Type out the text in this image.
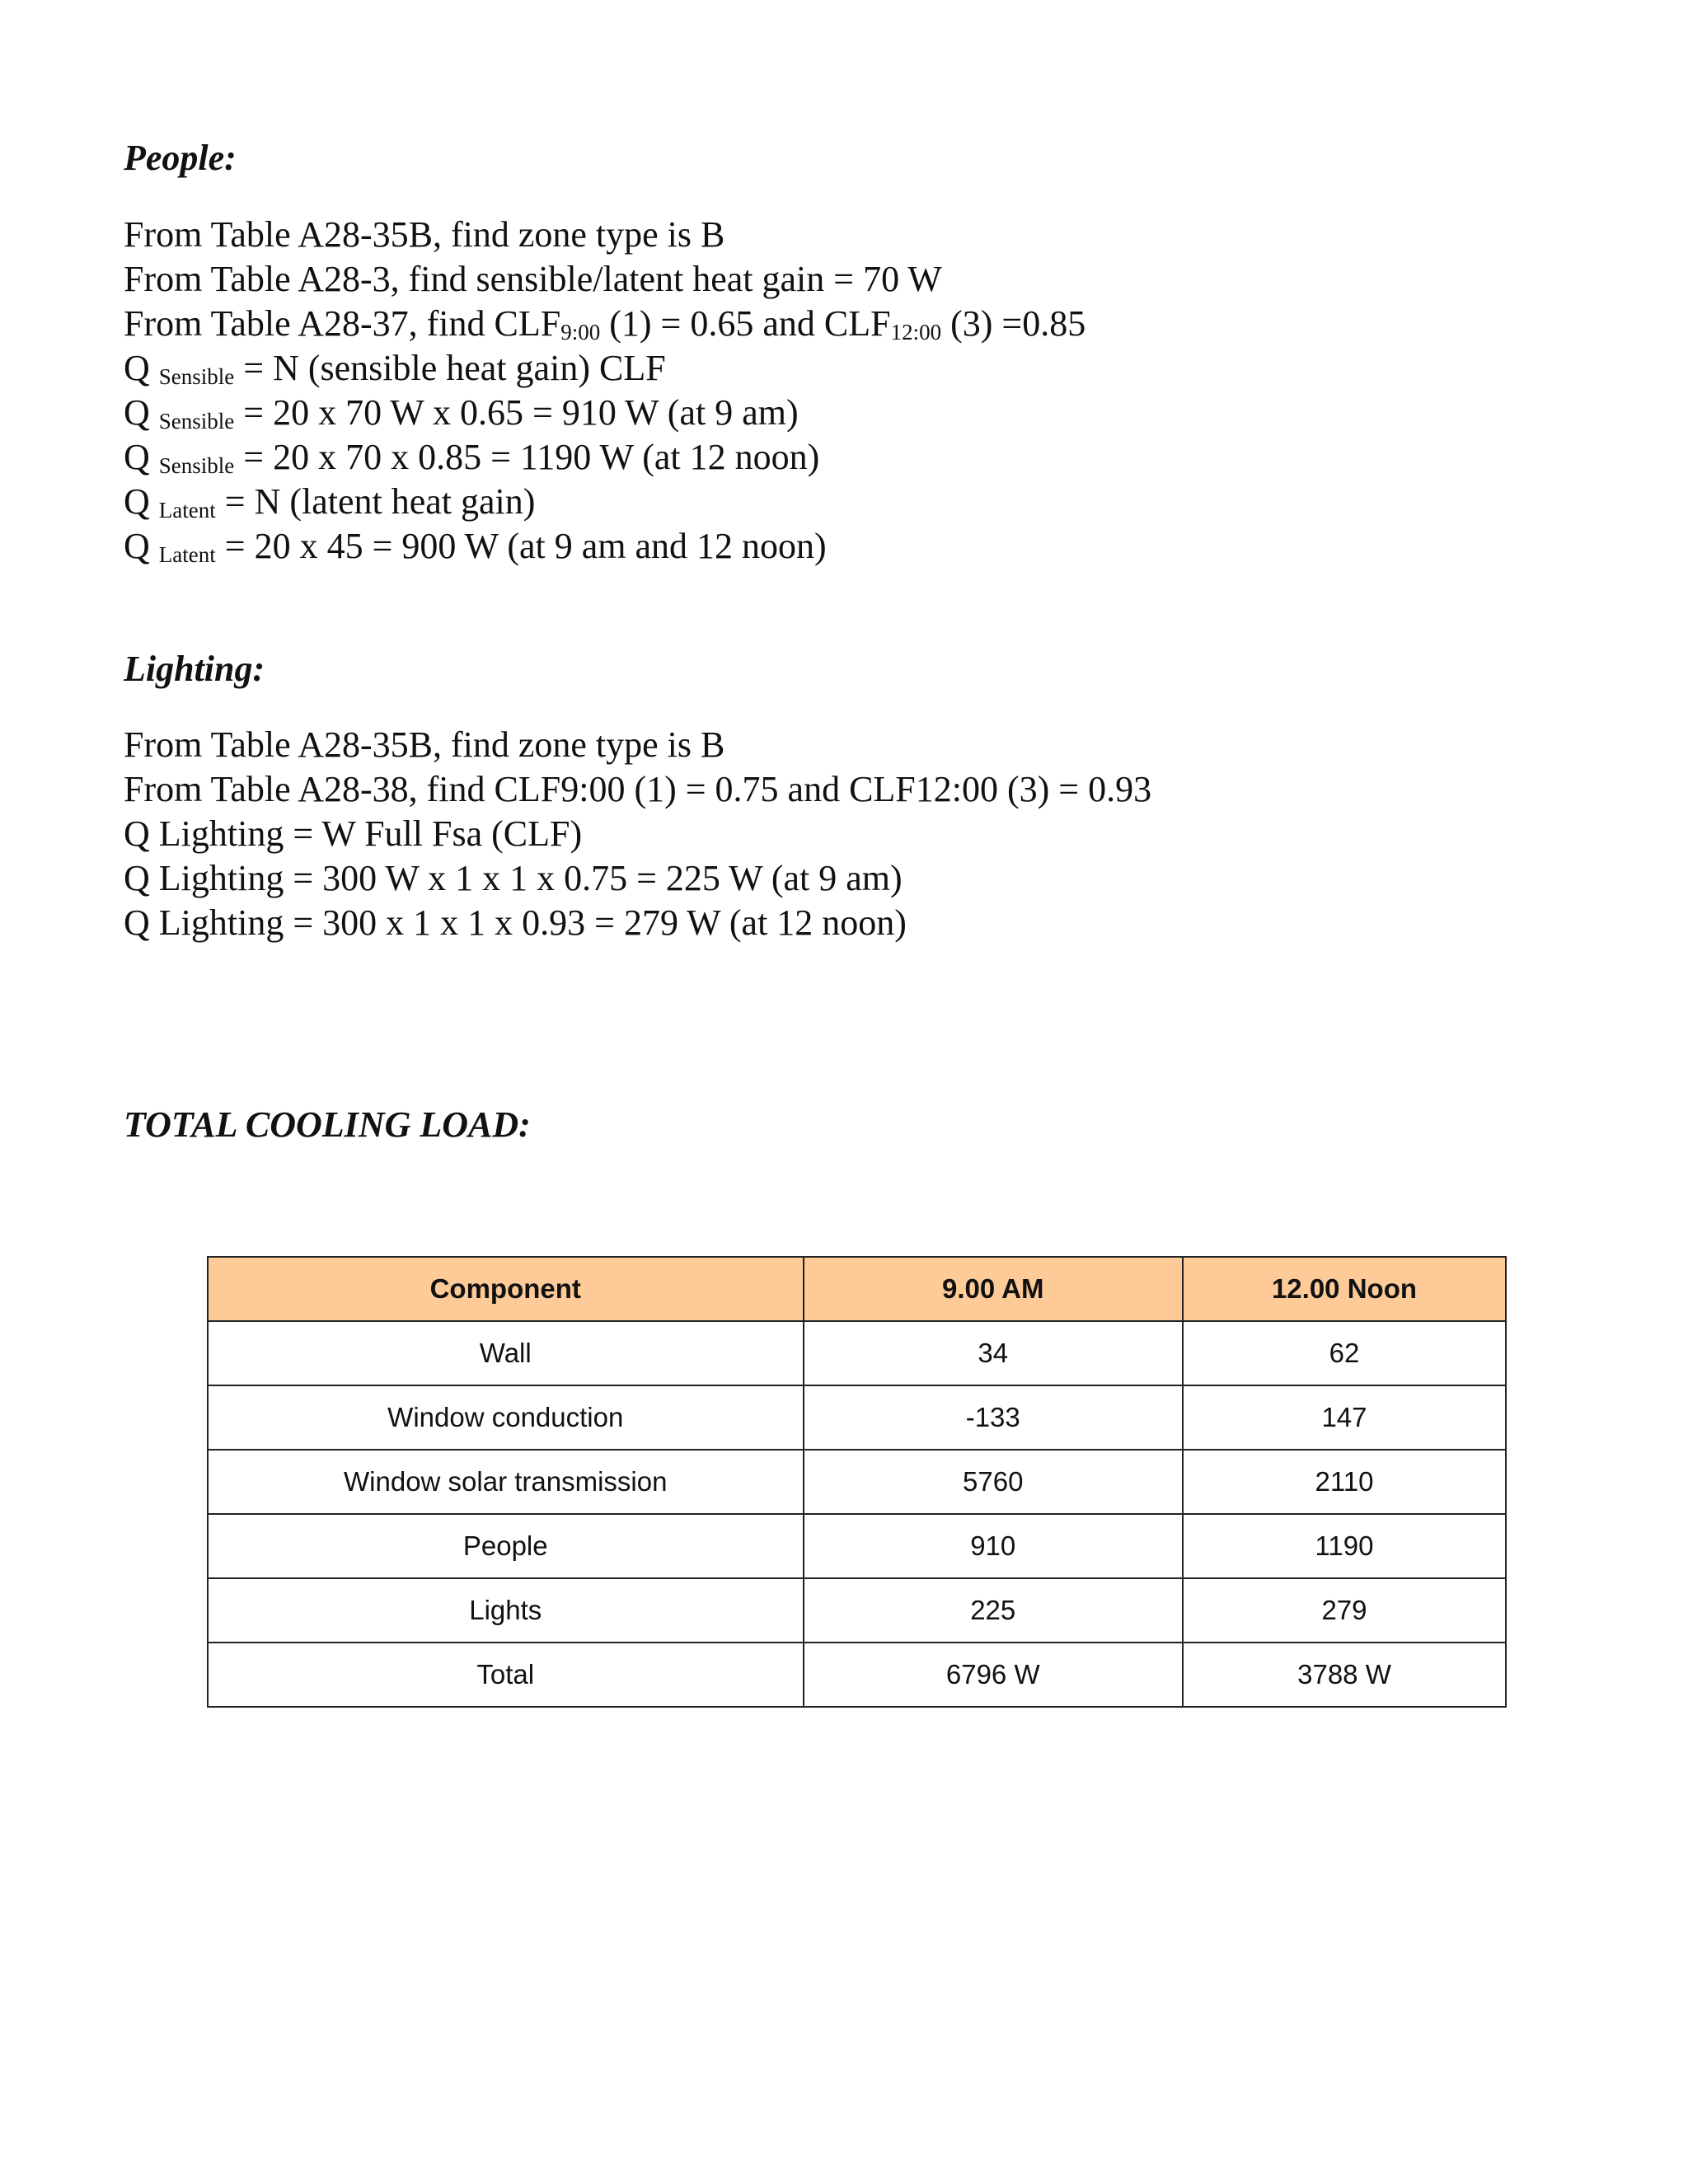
People:
From Table A28-35B, find zone type is B
From Table A28-3, find sensible/latent heat gain = 70 W
From Table A28-37, find CLF9:00 (1) = 0.65 and CLF12:00 (3) =0.85
Q Sensible = N (sensible heat gain) CLF
Q Sensible = 20 x 70 W x 0.65 = 910 W (at 9 am)
Q Sensible = 20 x 70 x 0.85 = 1190 W (at 12 noon)
Q Latent = N (latent heat gain)
Q Latent = 20 x 45 = 900 W (at 9 am and 12 noon)
Lighting:
From Table A28-35B, find zone type is B
From Table A28-38, find CLF9:00 (1) = 0.75 and CLF12:00 (3) = 0.93
Q Lighting = W Full Fsa (CLF)
Q Lighting = 300 W x 1 x 1 x 0.75 = 225 W (at 9 am)
Q Lighting = 300 x 1 x 1 x 0.93 = 279 W (at 12 noon)
TOTAL COOLING LOAD:
Component	9.00 AM	12.00 Noon
Wall	34	62
Window conduction	-133	147
Window solar transmission	5760	2110
People	910	1190
Lights	225	279
Total	6796 W	3788 W
